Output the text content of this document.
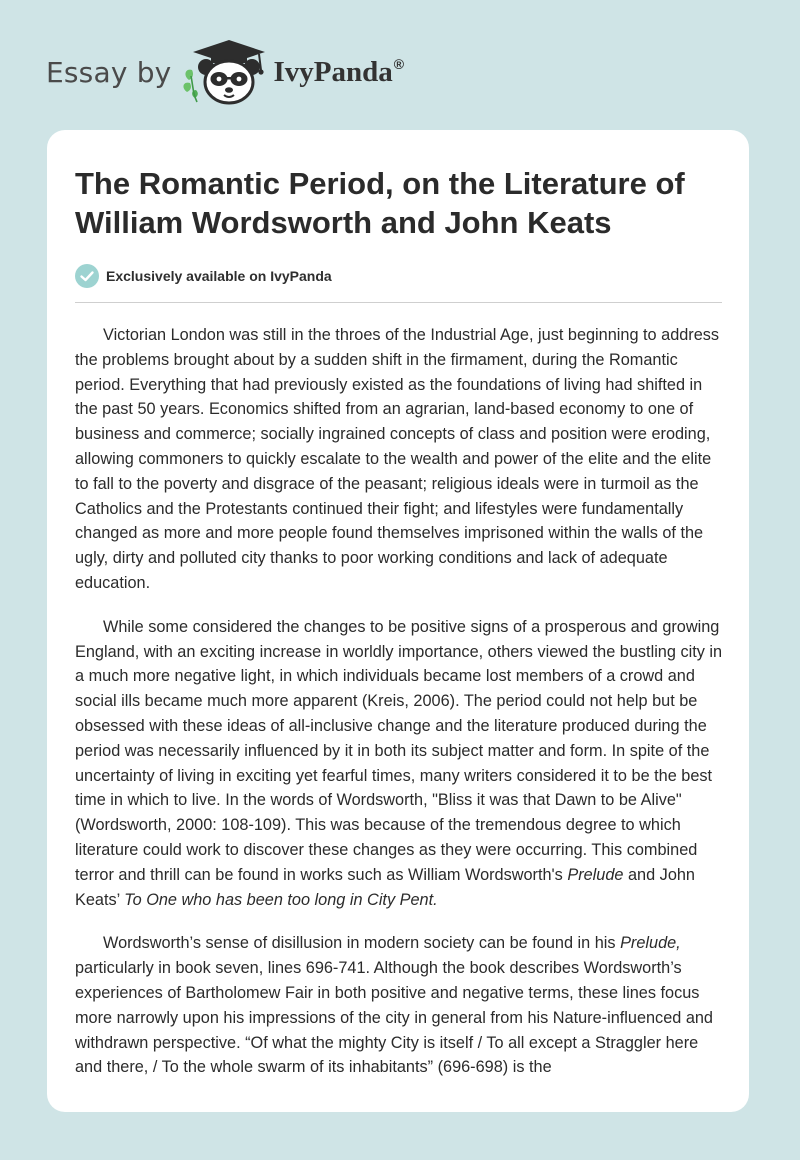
Essay by	IvyPanda ®
The Romantic Period, on the Literature of William Wordsworth and John Keats
Exclusively available on IvyPanda

Victorian London was still in the throes of the Industrial Age, just beginning to address the problems brought about by a sudden shift in the firmament, during the Romantic period. Everything that had previously existed as the foundations of living had shifted in the past 50 years. Economics shifted from an agrarian, land-based economy to one of business and commerce; socially ingrained concepts of class and position were eroding, allowing commoners to quickly escalate to the wealth and power of the elite and the elite to fall to the poverty and disgrace of the peasant; religious ideals were in turmoil as the Catholics and the Protestants continued their fight; and lifestyles were fundamentally changed as more and more people found themselves imprisoned within the walls of the ugly, dirty and polluted city thanks to poor working conditions and lack of adequate education.

While some considered the changes to be positive signs of a prosperous and growing England, with an exciting increase in worldly importance, others viewed the bustling city in a much more negative light, in which individuals became lost members of a crowd and social ills became much more apparent (Kreis, 2006). The period could not help but be obsessed with these ideas of all-inclusive change and the literature produced during the period was necessarily influenced by it in both its subject matter and form. In spite of the uncertainty of living in exciting yet fearful times, many writers considered it to be the best time in which to live. In the words of Wordsworth, "Bliss it was that Dawn to be Alive" (Wordsworth, 2000: 108-109). This was because of the tremendous degree to which literature could work to discover these changes as they were occurring. This combined terror and thrill can be found in works such as William Wordsworth's Prelude and John Keats’ To One who has been too long in City Pent.

Wordsworth’s sense of disillusion in modern society can be found in his Prelude, particularly in book seven, lines 696-741. Although the book describes Wordsworth’s experiences of Bartholomew Fair in both positive and negative terms, these lines focus more narrowly upon his impressions of the city in general from his Nature-influenced and withdrawn perspective. “Of what the mighty City is itself / To all except a Straggler here and there, / To the whole swarm of its inhabitants” (696-698) is the
